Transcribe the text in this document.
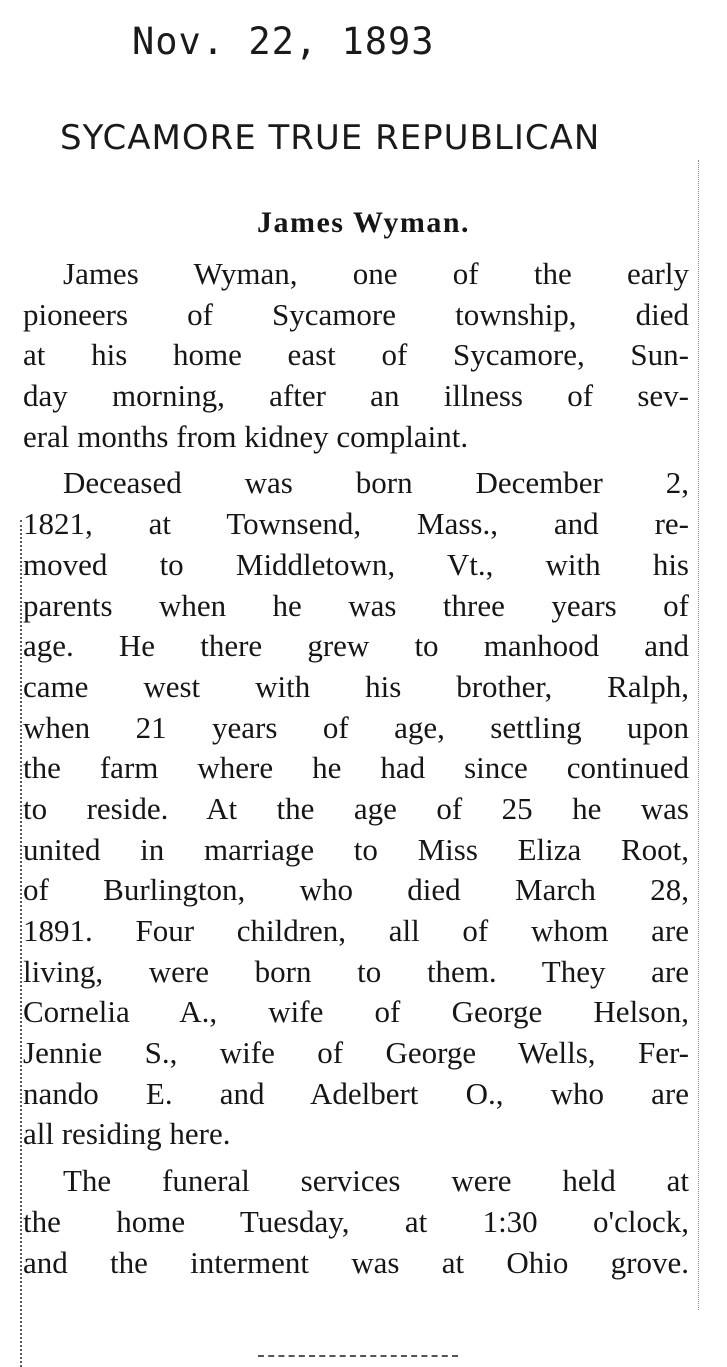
Nov. 22, 1893
SYCAMORE TRUE REPUBLICAN
James Wyman.
James Wyman, one of the early
pioneers of Sycamore township, died
at his home east of Sycamore, Sun-
day morning, after an illness of sev-
eral months from kidney complaint.
Deceased was born December 2,
1821, at Townsend, Mass., and re-
moved to Middletown, Vt., with his
parents when he was three years of
age. He there grew to manhood and
came west with his brother, Ralph,
when 21 years of age, settling upon
the farm where he had since continued
to reside. At the age of 25 he was
united in marriage to Miss Eliza Root,
of Burlington, who died March 28,
1891. Four children, all of whom are
living, were born to them. They are
Cornelia A., wife of George Helson,
Jennie S., wife of George Wells, Fer-
nando E. and Adelbert O., who are
all residing here.
The funeral services were held at
the home Tuesday, at 1:30 o'clock,
and the interment was at Ohio grove.
